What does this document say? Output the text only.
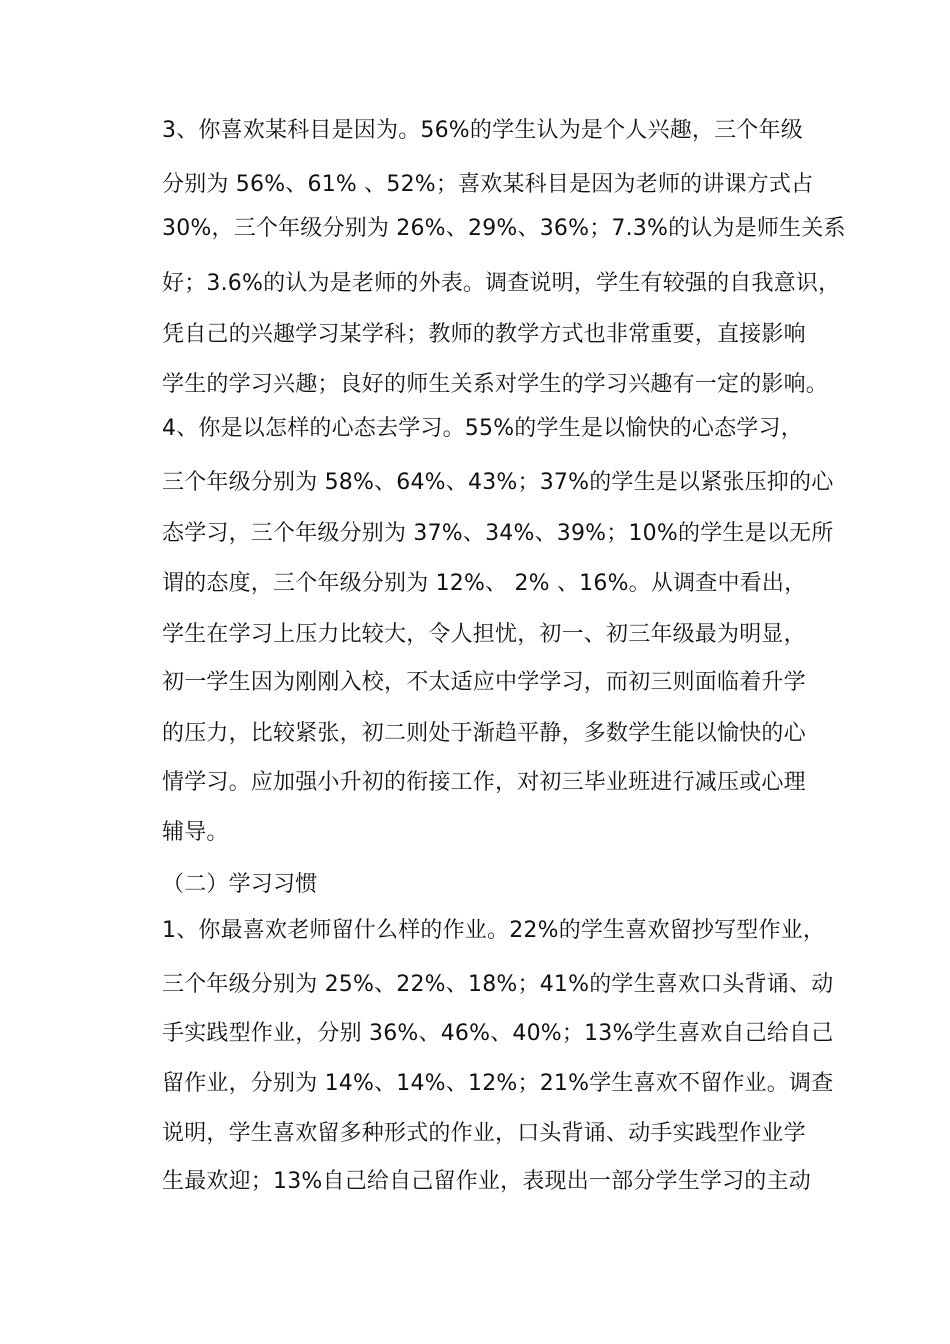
3、你喜欢某科目是因为。56%的学生认为是个人兴趣，三个年级
分别为 56%、61% 、52%；喜欢某科目是因为老师的讲课方式占
30%，三个年级分别为 26%、29%、36%；7.3%的认为是师生关系
好；3.6%的认为是老师的外表。调查说明，学生有较强的自我意识，
凭自己的兴趣学习某学科；教师的教学方式也非常重要，直接影响
学生的学习兴趣；良好的师生关系对学生的学习兴趣有一定的影响。
4、你是以怎样的心态去学习。55%的学生是以愉快的心态学习，
三个年级分别为 58%、64%、43%；37%的学生是以紧张压抑的心
态学习，三个年级分别为 37%、34%、39%；10%的学生是以无所
谓的态度，三个年级分别为 12%、 2% 、16%。从调查中看出，
学生在学习上压力比较大，令人担忧，初一、初三年级最为明显，
初一学生因为刚刚入校，不太适应中学学习，而初三则面临着升学
的压力，比较紧张，初二则处于渐趋平静，多数学生能以愉快的心
情学习。应加强小升初的衔接工作，对初三毕业班进行减压或心理
辅导。
（二）学习习惯
1、你最喜欢老师留什么样的作业。22%的学生喜欢留抄写型作业，
三个年级分别为 25%、22%、18%；41%的学生喜欢口头背诵、动
手实践型作业，分别 36%、46%、40%；13%学生喜欢自己给自己
留作业，分别为 14%、14%、12%；21%学生喜欢不留作业。调查
说明，学生喜欢留多种形式的作业，口头背诵、动手实践型作业学
生最欢迎；13%自己给自己留作业，表现出一部分学生学习的主动
